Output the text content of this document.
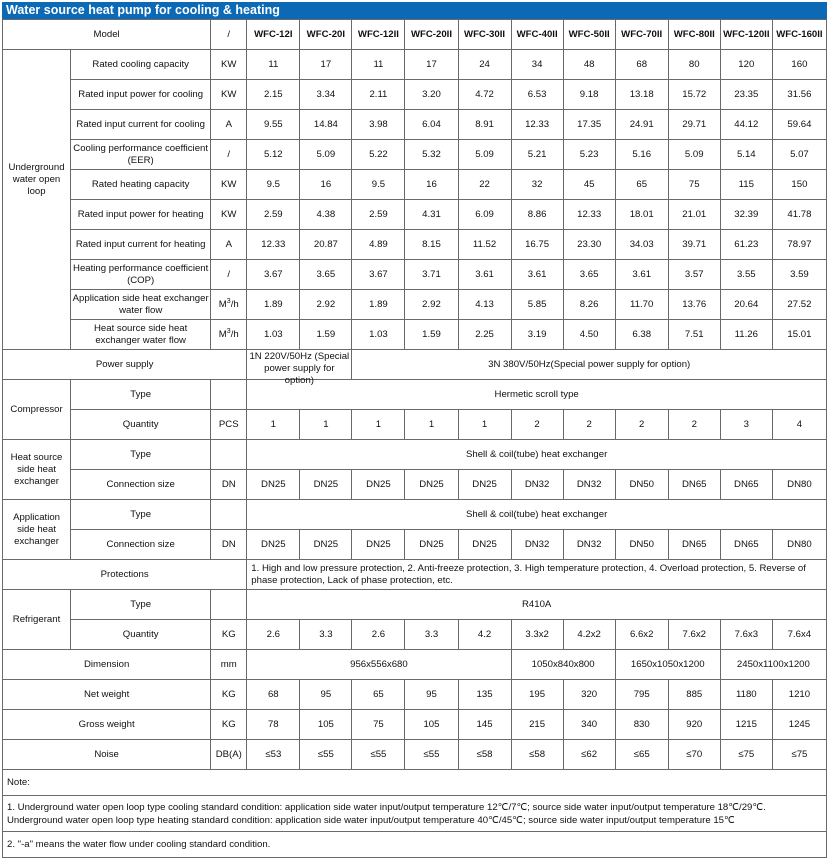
Water source heat pump for cooling & heating
Model		/	WFC-12I	WFC-20I	WFC-12II	WFC-20II	WFC-30II	WFC-40II	WFC-50II	WFC-70II	WFC-80II	WFC-120II	WFC-160II
Underground water open loop	Rated cooling capacity	KW	11	17	11	17	24	34	48	68	80	120	160
	Rated input power for cooling	KW	2.15	3.34	2.11	3.20	4.72	6.53	9.18	13.18	15.72	23.35	31.56
	Rated input current for cooling	A	9.55	14.84	3.98	6.04	8.91	12.33	17.35	24.91	29.71	44.12	59.64
	Cooling performance coefficient (EER)	/	5.12	5.09	5.22	5.32	5.09	5.21	5.23	5.16	5.09	5.14	5.07
	Rated heating capacity	KW	9.5	16	9.5	16	22	32	45	65	75	115	150
	Rated input power for heating	KW	2.59	4.38	2.59	4.31	6.09	8.86	12.33	18.01	21.01	32.39	41.78
	Rated input current for heating	A	12.33	20.87	4.89	8.15	11.52	16.75	23.30	34.03	39.71	61.23	78.97
	Heating performance coefficient (COP)	/	3.67	3.65	3.67	3.71	3.61	3.61	3.65	3.61	3.57	3.55	3.59
	Application side heat exchanger water flow	$M^3/h$	1.89	2.92	1.89	2.92	4.13	5.85	8.26	11.70	13.76	20.64	27.52
	Heat source side heat exchanger water flow	$M^3/h$	1.03	1.59	1.03	1.59	2.25	3.19	4.50	6.38	7.51	11.26	15.01
Power supply			1N 220V/50Hz (Special power supply for option)		3N 380V/50Hz(Special power supply for option)								
Compressor	Type		Hermetic scroll type										
	Quantity	PCS	1	1	1	1	1	2	2	2	2	3	4
Heat source side heat exchanger	Type		Shell & coil(tube) heat exchanger										
	Connection size	DN	DN25	DN25	DN25	DN25	DN25	DN32	DN32	DN50	DN65	DN65	DN80
Application side heat exchanger	Type		Shell & coil(tube) heat exchanger										
	Connection size	DN	DN25	DN25	DN25	DN25	DN25	DN32	DN32	DN50	DN65	DN65	DN80
Protections			1. High and low pressure protection, 2. Anti-freeze protection, 3. High temperature protection, 4. Overload protection, 5. Reverse of phase protection, Lack of phase protection, etc.										
Refrigerant	Type		R410A										
	Quantity	KG	2.6	3.3	2.6	3.3	4.2	3.3x2	4.2x2	6.6x2	7.6x2	7.6x3	7.6x4
Dimension		mm	956x556x680					1050x840x800		1650x1050x1200		2450x1100x1200	
Net weight		KG	68	95	65	95	135	195	320	795	885	1180	1210
Gross weight		KG	78	105	75	105	145	215	340	830	920	1215	1245
Noise		DB(A)	≤53	≤55	≤55	≤55	≤58	≤58	≤62	≤65	≤70	≤75	≤75
Note:													
1. Underground water open loop type cooling standard condition: application side water input/output temperature 12℃/7℃; source side water input/output temperature 18℃/29℃. Underground water open loop type heating standard condition: application side water input/output temperature 40℃/45℃; source side water input/output temperature 15℃													
2. "-a" means the water flow under cooling standard condition.													
